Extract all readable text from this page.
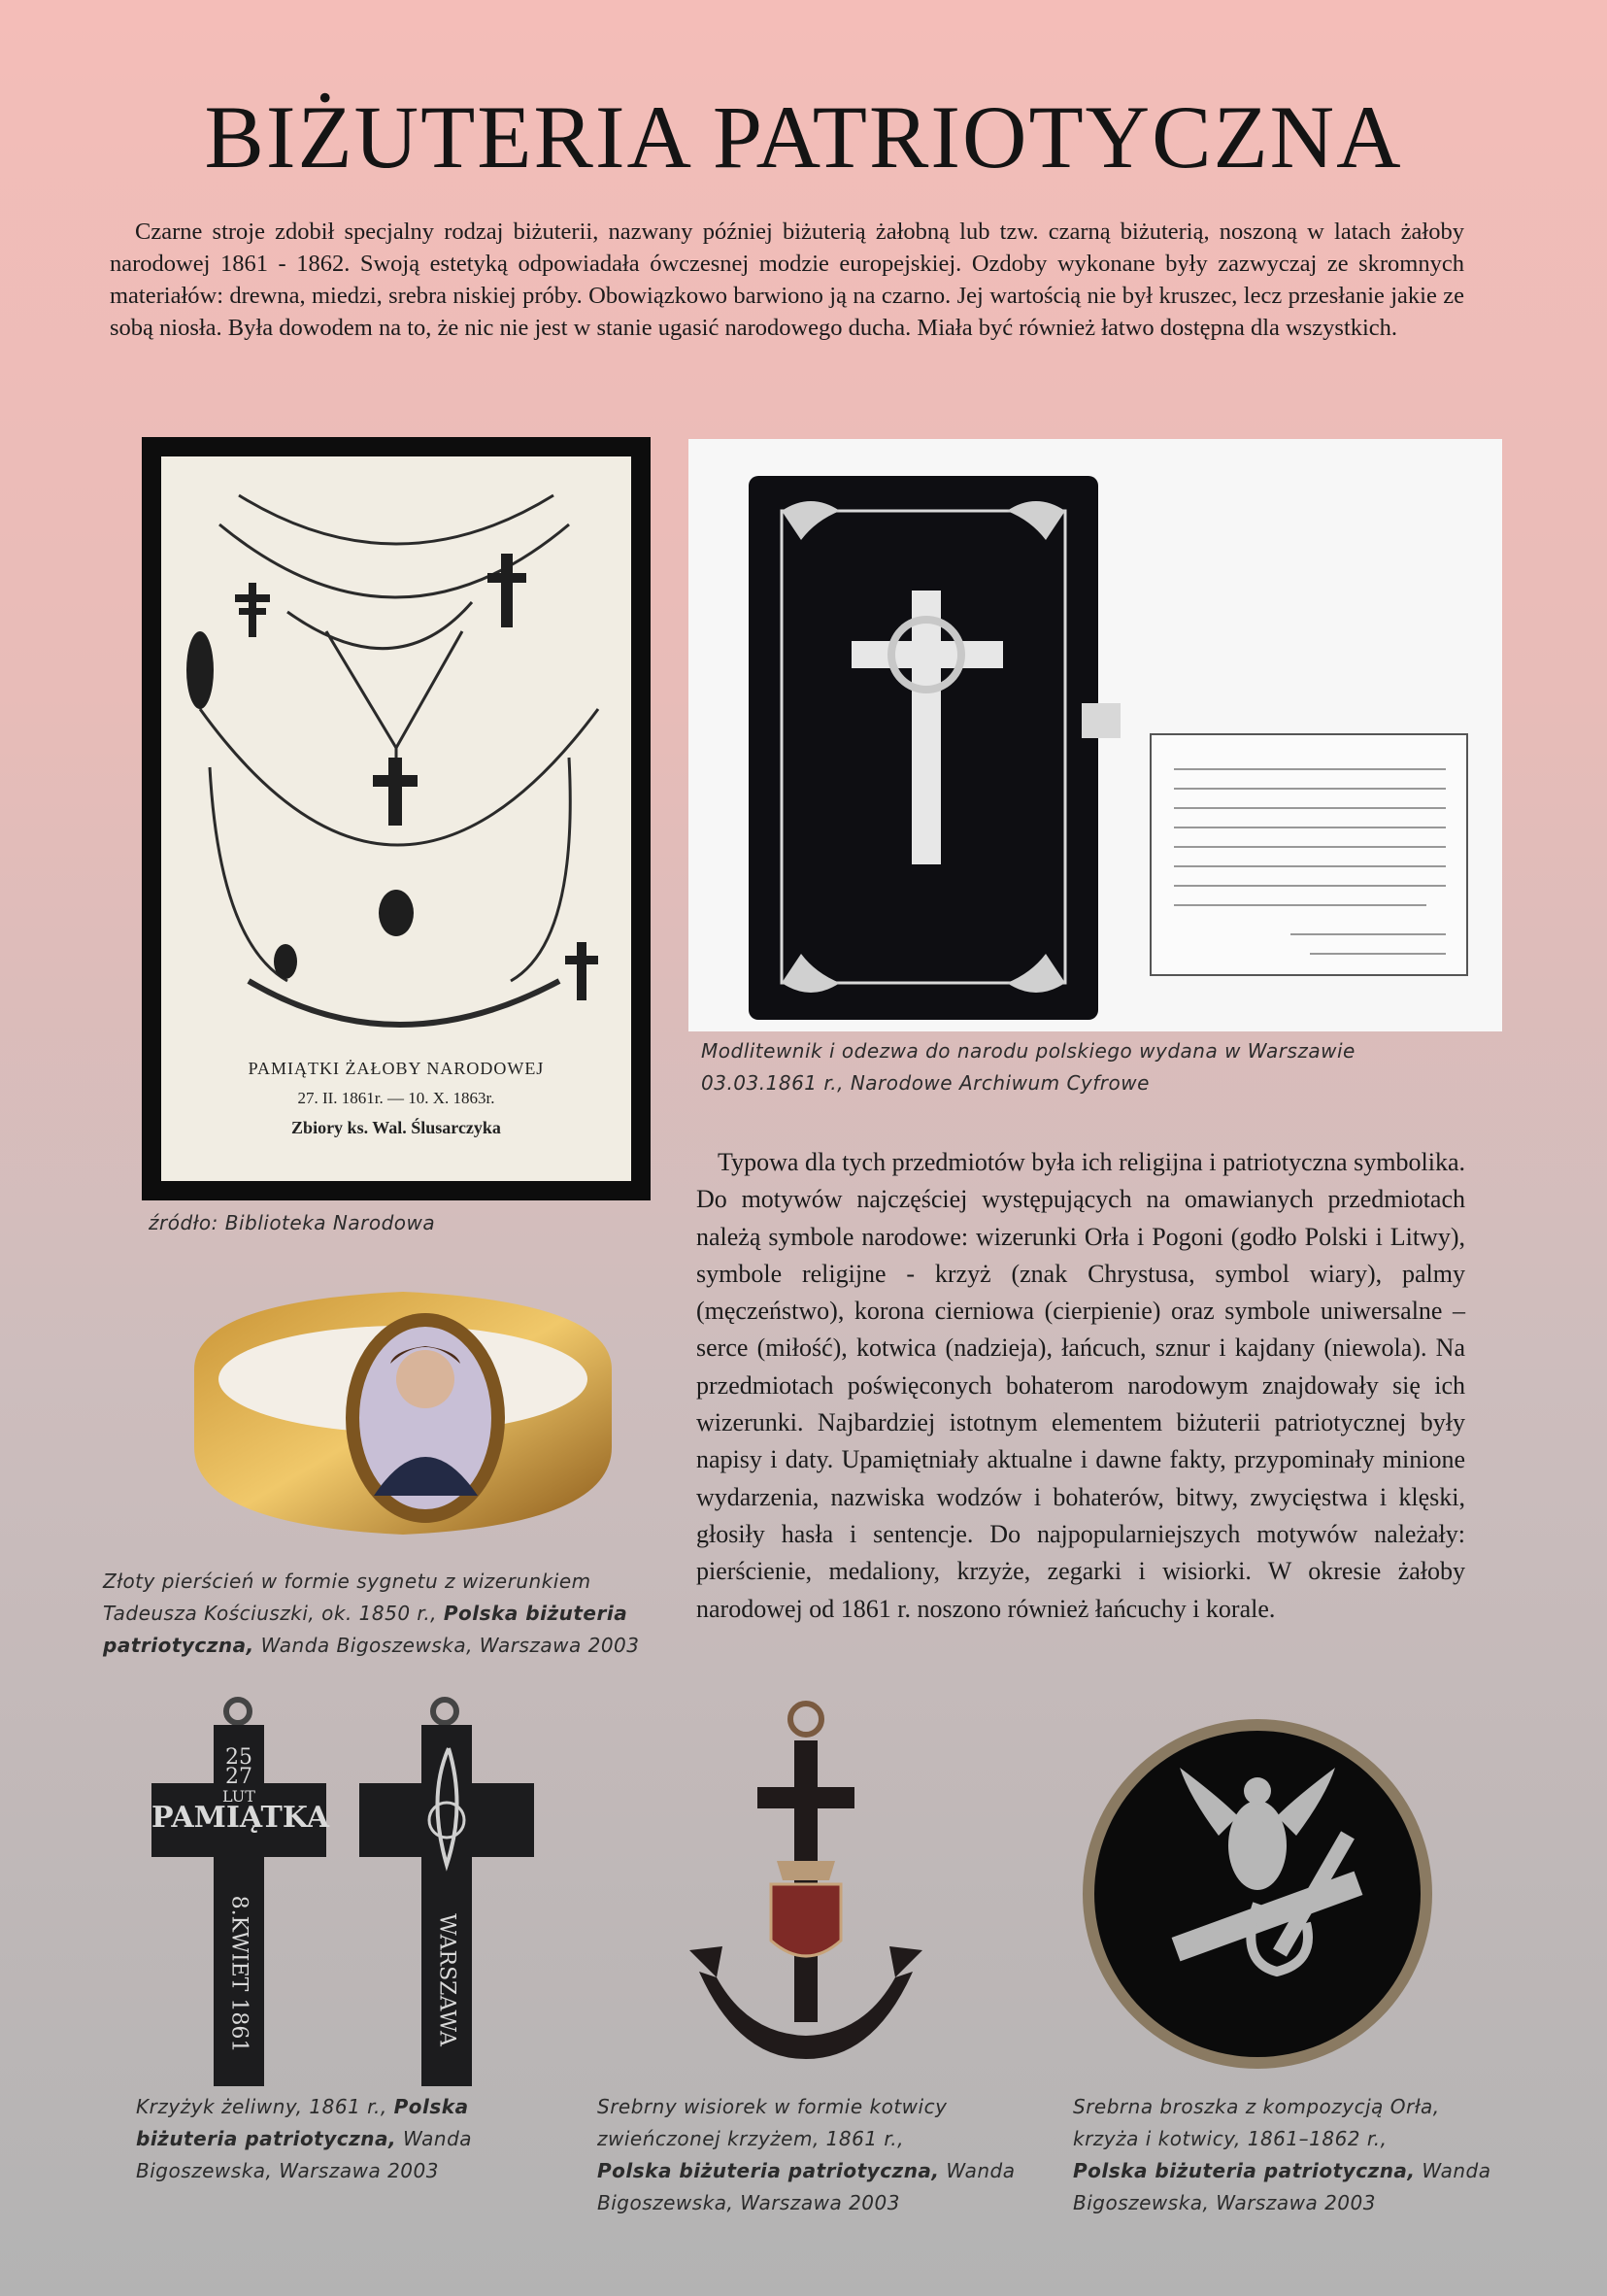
BIŻUTERIA PATRIOTYCZNA

Czarne stroje zdobił specjalny rodzaj biżuterii, nazwany później biżuterią żałobną lub tzw. czarną biżuterią, noszoną w latach żałoby narodowej 1861 - 1862. Swoją estetyką odpowiadała ówczesnej modzie europejskiej. Ozdoby wykonane były zazwyczaj ze skromnych materiałów: drewna, miedzi, srebra niskiej próby. Obowiązkowo barwiono ją na czarno. Jej wartością nie był kruszec, lecz przesłanie jakie ze sobą niosła. Była dowodem na to, że nic nie jest w stanie ugasić narodowego ducha. Miała być również łatwo dostępna dla wszystkich.

PAMIĄTKI ŻAŁOBY NARODOWEJ
27. II. 1861r. — 10. X. 1863r.
Zbiory ks. Wal. Ślusarczyka
Modlitewnik i odezwa do narodu polskiego wydana w Warszawie
03.03.1861 r., Narodowe Archiwum Cyfrowe
źródło: Biblioteka Narodowa
Złoty pierścień w formie sygnetu z wizerunkiem
Tadeusza Kościuszki, ok. 1850 r., Polska biżuteria
patriotyczna, Wanda Bigoszewska, Warszawa 2003

Typowa dla tych przedmiotów była ich religijna i patriotyczna symbolika. Do motywów najczęściej występujących na omawianych przedmiotach należą symbole narodowe: wizerunki Orła i Pogoni (godło Polski i Litwy), symbole religijne - krzyż (znak Chrystusa, symbol wiary), palmy (męczeństwo), korona cierniowa (cierpienie) oraz symbole uniwersalne – serce (miłość), kotwica (nadzieja), łańcuch, sznur i kajdany (niewola). Na przedmiotach poświęconych bohaterom narodowym znajdowały się ich wizerunki. Najbardziej istotnym elementem biżuterii patriotycznej były napisy i daty. Upamiętniały aktualne i dawne fakty, przypominały minione wydarzenia, nazwiska wodzów i bohaterów, bitwy, zwycięstwa i klęski, głosiły hasła i sentencje. Do najpopularniejszych motywów należały: pierścienie, medaliony, krzyże, zegarki i wisiorki. W okresie żałoby narodowej od 1861 r. noszono również łańcuchy i korale.

25
27
LUT
PAMIĄTKA
8.KWIET 1861	WARSZAWA
Krzyżyk żeliwny, 1861 r., Polska
biżuteria patriotyczna, Wanda
Bigoszewska, Warszawa 2003
Srebrny wisiorek w formie kotwicy
zwieńczonej krzyżem, 1861 r.,
Polska biżuteria patriotyczna, Wanda
Bigoszewska, Warszawa 2003
Srebrna broszka z kompozycją Orła,
krzyża i kotwicy, 1861–1862 r.,
Polska biżuteria patriotyczna, Wanda
Bigoszewska, Warszawa 2003
